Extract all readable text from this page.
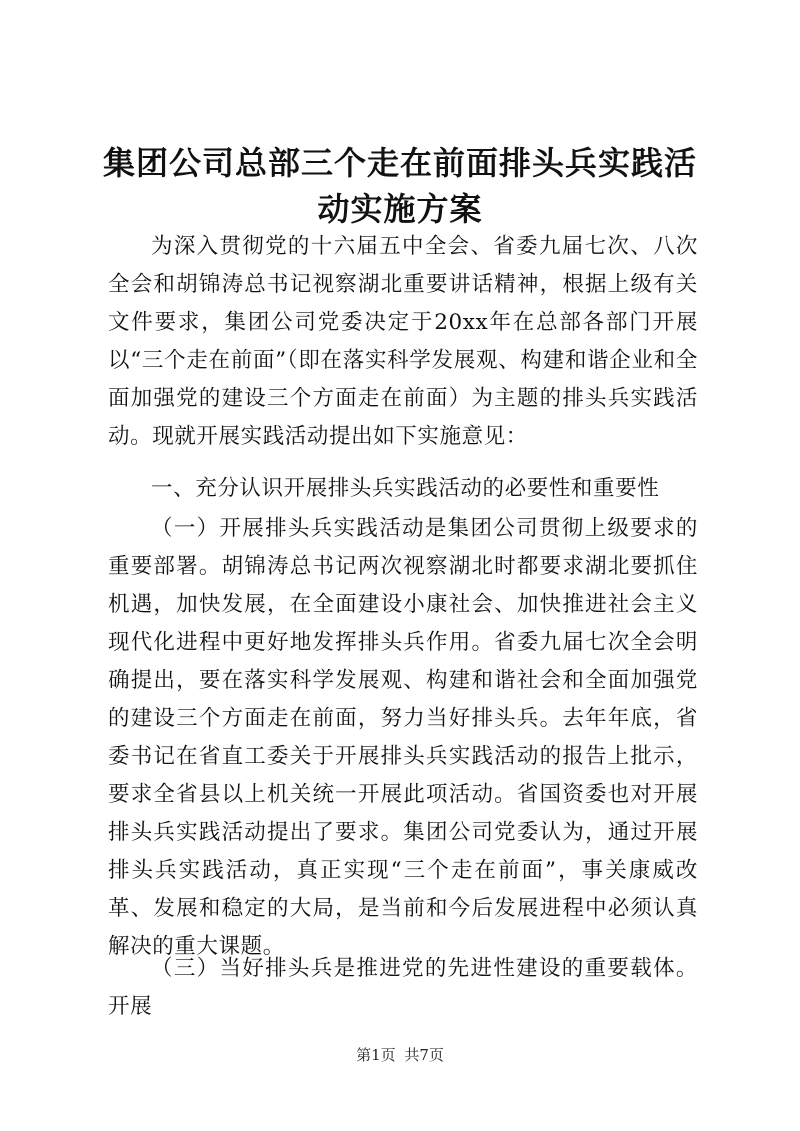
集团公司总部三个走在前面排头兵实践活动实施方案

为深入贯彻党的十六届五中全会、省委九届七次、八次全会和胡锦涛总书记视察湖北重要讲话精神，根据上级有关文件要求，集团公司党委决定于20xx年在总部各部门开展以“三个走在前面”（即在落实科学发展观、构建和谐企业和全面加强党的建设三个方面走在前面）为主题的排头兵实践活动。现就开展实践活动提出如下实施意见：

一、充分认识开展排头兵实践活动的必要性和重要性

（一）开展排头兵实践活动是集团公司贯彻上级要求的重要部署。胡锦涛总书记两次视察湖北时都要求湖北要抓住机遇，加快发展，在全面建设小康社会、加快推进社会主义现代化进程中更好地发挥排头兵作用。省委九届七次全会明确提出，要在落实科学发展观、构建和谐社会和全面加强党的建设三个方面走在前面，努力当好排头兵。去年年底，省委书记在省直工委关于开展排头兵实践活动的报告上批示，要求全省县以上机关统一开展此项活动。省国资委也对开展排头兵实践活动提出了要求。集团公司党委认为，通过开展排头兵实践活动，真正实现“三个走在前面”，事关康威改革、发展和稳定的大局，是当前和今后发展进程中必须认真解决的重大课题。

（三）当好排头兵是推进党的先进性建设的重要载体。开展

第1页 共7页
